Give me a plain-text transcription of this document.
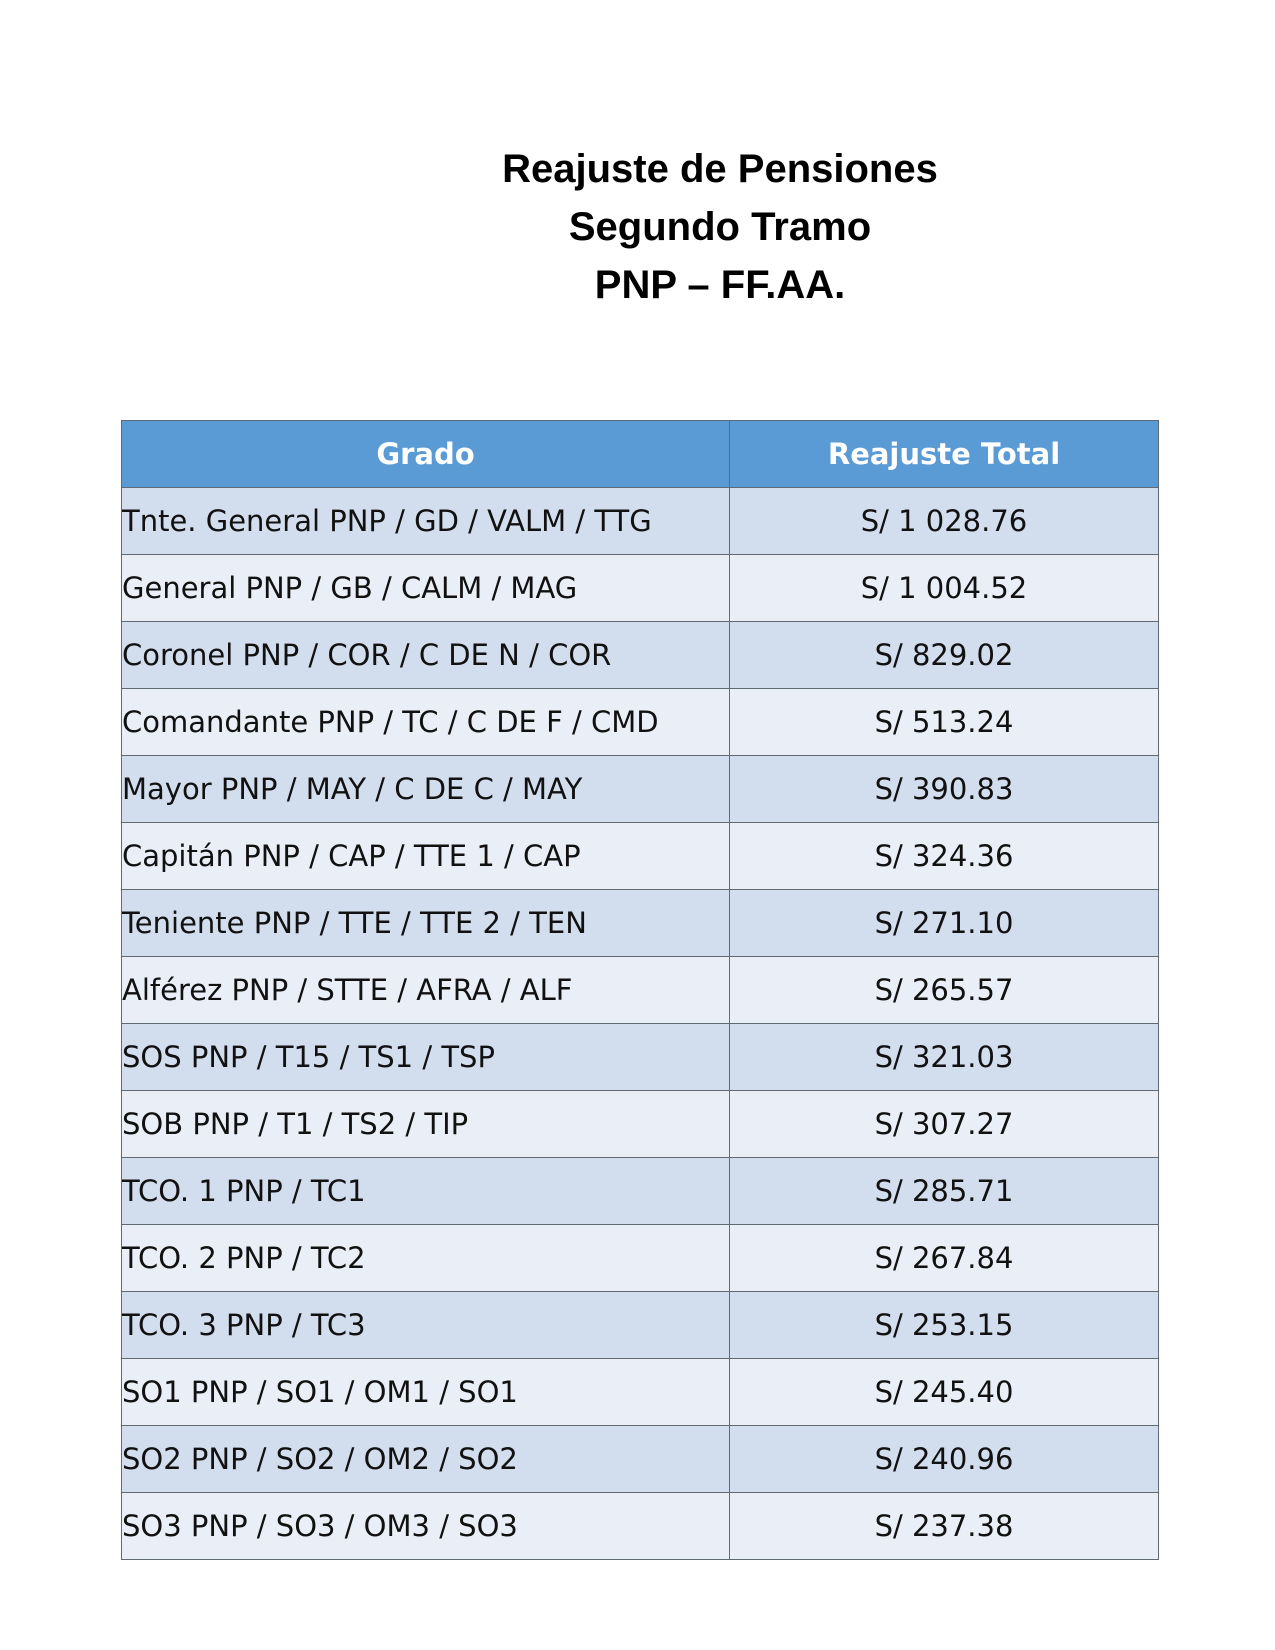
Reajuste de Pensiones
Segundo Tramo
PNP – FF.AA.
Grado	Reajuste Total
Tnte. General PNP / GD / VALM / TTG	S/ 1 028.76
General PNP / GB / CALM / MAG	S/ 1 004.52
Coronel PNP / COR / C DE N / COR	S/ 829.02
Comandante PNP / TC / C DE F / CMD	S/ 513.24
Mayor PNP / MAY / C DE C / MAY	S/ 390.83
Capitán PNP / CAP / TTE 1 / CAP	S/ 324.36
Teniente PNP / TTE / TTE 2 / TEN	S/ 271.10
Alférez PNP / STTE / AFRA / ALF	S/ 265.57
SOS PNP / T15 / TS1 / TSP	S/ 321.03
SOB PNP / T1 / TS2 / TIP	S/ 307.27
TCO. 1 PNP / TC1	S/ 285.71
TCO. 2 PNP / TC2	S/ 267.84
TCO. 3 PNP / TC3	S/ 253.15
SO1 PNP / SO1 / OM1 / SO1	S/ 245.40
SO2 PNP / SO2 / OM2 / SO2	S/ 240.96
SO3 PNP / SO3 / OM3 / SO3	S/ 237.38
